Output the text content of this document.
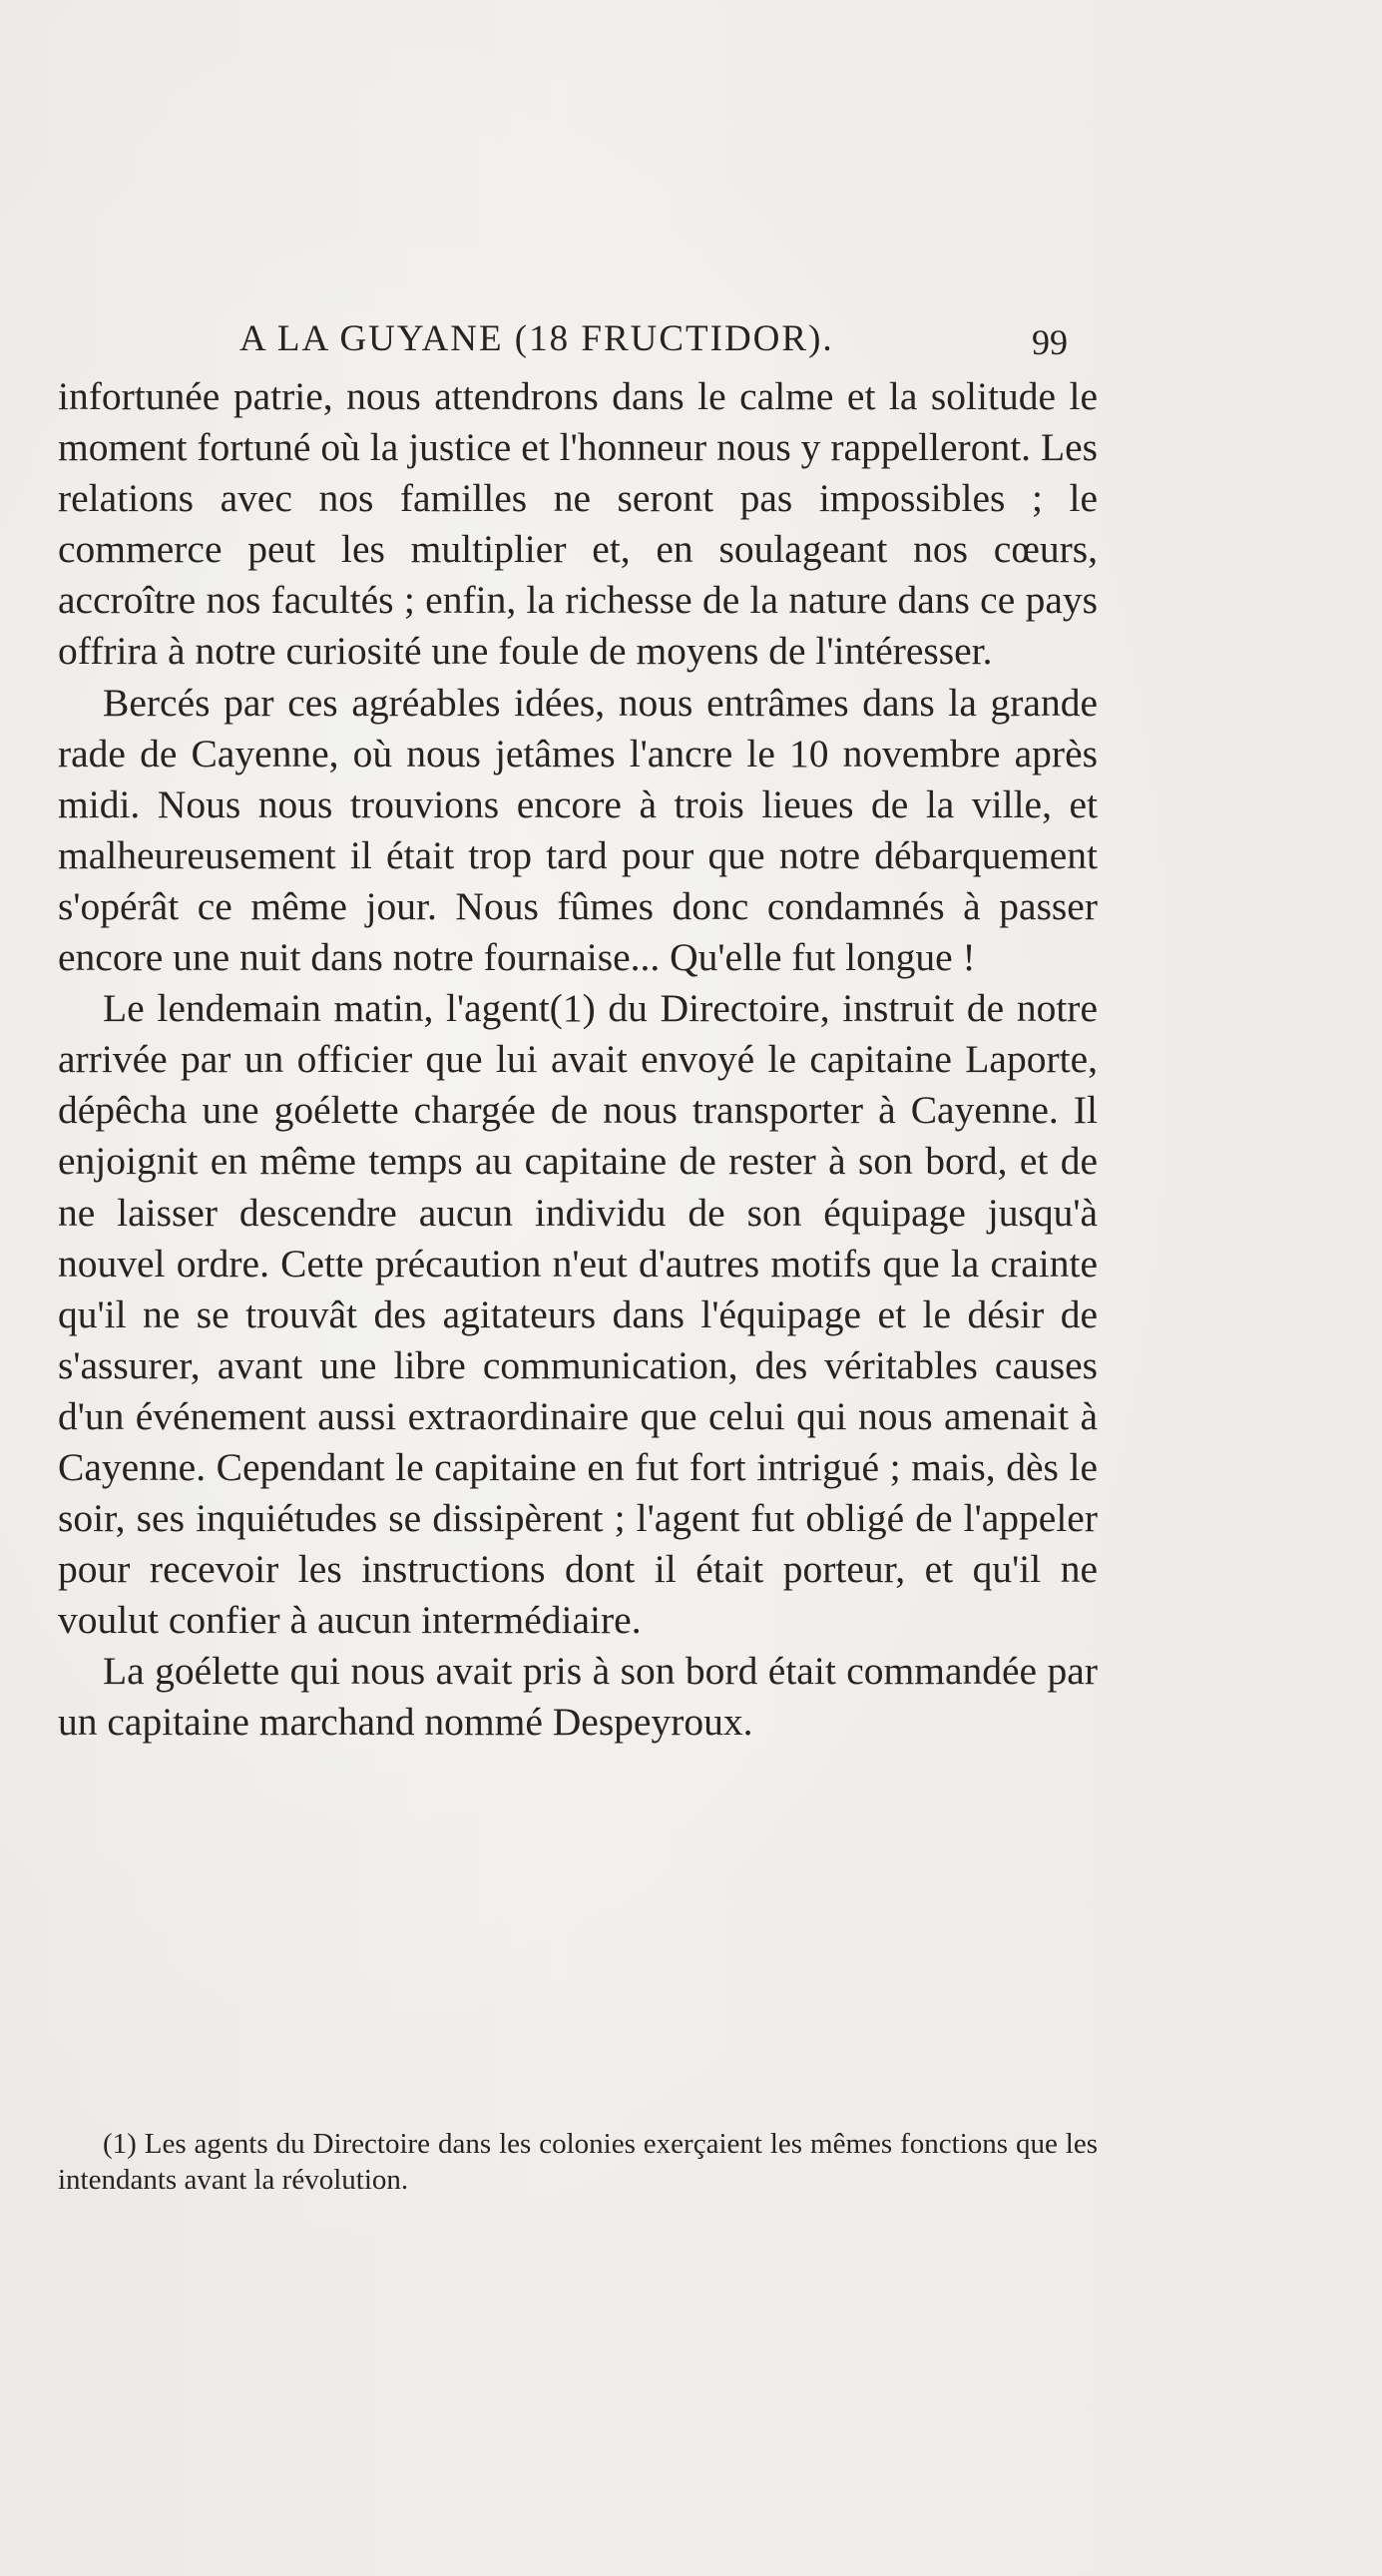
A LA GUYANE (18 FRUCTIDOR).	99

infortunée patrie, nous attendrons dans le calme et la solitude le moment fortuné où la justice et l'honneur nous y rappelleront. Les relations avec nos familles ne seront pas impossibles ; le commerce peut les multiplier et, en soulageant nos cœurs, accroître nos facultés ; enfin, la richesse de la nature dans ce pays offrira à notre curiosité une foule de moyens de l'intéresser.

Bercés par ces agréables idées, nous entrâmes dans la grande rade de Cayenne, où nous jetâmes l'ancre le 10 novembre après midi. Nous nous trouvions encore à trois lieues de la ville, et malheureusement il était trop tard pour que notre débarquement s'opérât ce même jour. Nous fûmes donc condamnés à passer encore une nuit dans notre fournaise... Qu'elle fut longue !

Le lendemain matin, l'agent(1) du Directoire, instruit de notre arrivée par un officier que lui avait envoyé le capitaine Laporte, dépêcha une goélette chargée de nous transporter à Cayenne. Il enjoignit en même temps au capitaine de rester à son bord, et de ne laisser descendre aucun individu de son équipage jusqu'à nouvel ordre. Cette précaution n'eut d'autres motifs que la crainte qu'il ne se trouvât des agitateurs dans l'équipage et le désir de s'assurer, avant une libre communication, des véritables causes d'un événement aussi extraordinaire que celui qui nous amenait à Cayenne. Cependant le capitaine en fut fort intrigué ; mais, dès le soir, ses inquiétudes se dissipèrent ; l'agent fut obligé de l'appeler pour recevoir les instructions dont il était porteur, et qu'il ne voulut confier à aucun intermédiaire.

La goélette qui nous avait pris à son bord était commandée par un capitaine marchand nommé Despeyroux.

(1) Les agents du Directoire dans les colonies exerçaient les mêmes fonctions que les intendants avant la révolution.
